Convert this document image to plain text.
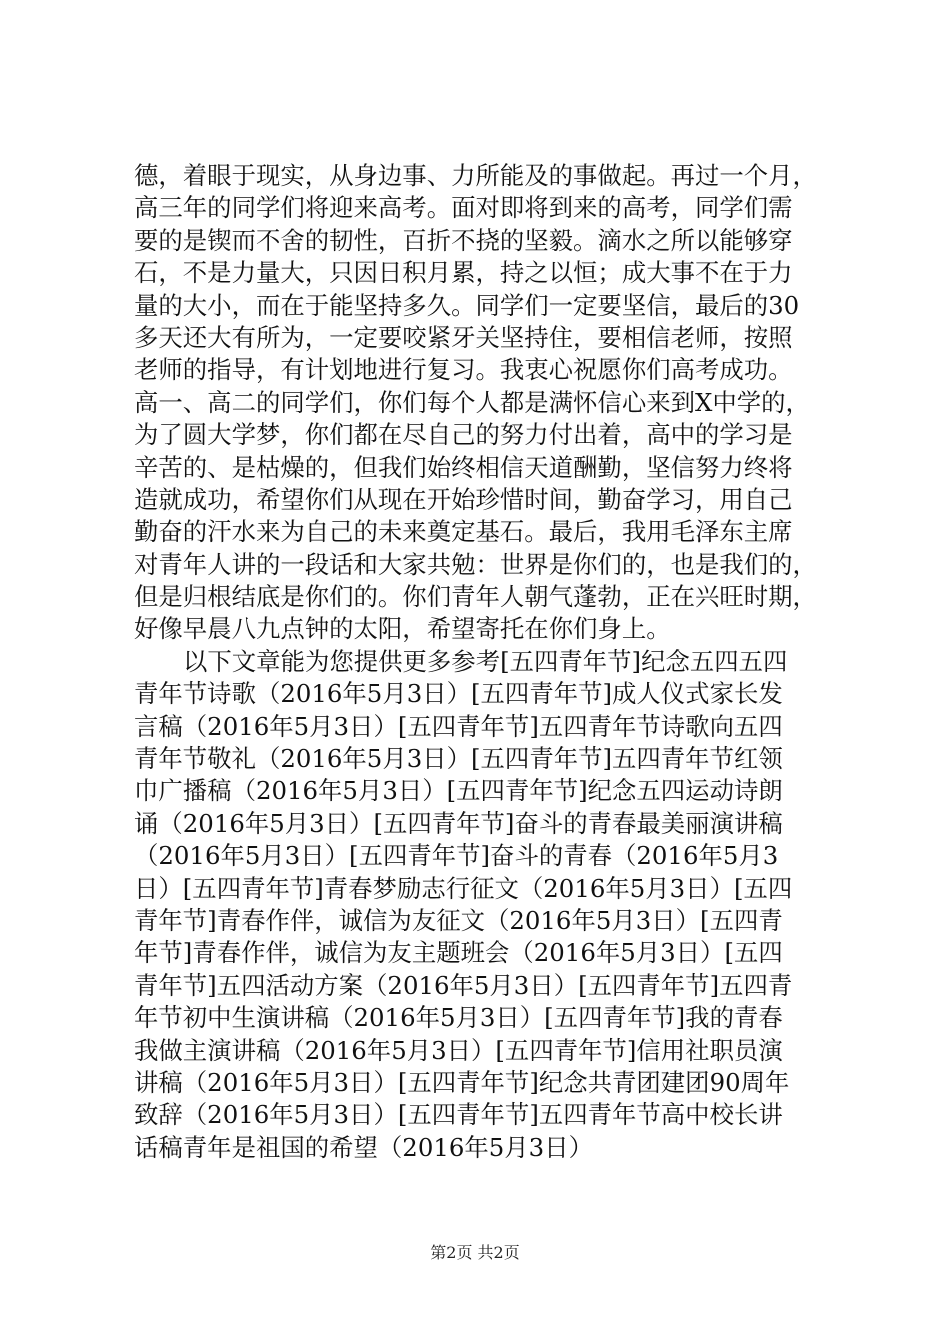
德，着眼于现实，从身边事、力所能及的事做起。再过一个月，
高三年的同学们将迎来高考。面对即将到来的高考，同学们需
要的是锲而不舍的韧性，百折不挠的坚毅。滴水之所以能够穿
石，不是力量大，只因日积月累，持之以恒；成大事不在于力
量的大小，而在于能坚持多久。同学们一定要坚信，最后的30
多天还大有所为，一定要咬紧牙关坚持住，要相信老师，按照
老师的指导，有计划地进行复习。我衷心祝愿你们高考成功。
高一、高二的同学们，你们每个人都是满怀信心来到X中学的，
为了圆大学梦，你们都在尽自己的努力付出着，高中的学习是
辛苦的、是枯燥的，但我们始终相信天道酬勤，坚信努力终将
造就成功，希望你们从现在开始珍惜时间，勤奋学习，用自己
勤奋的汗水来为自己的未来奠定基石。最后，我用毛泽东主席
对青年人讲的一段话和大家共勉：世界是你们的，也是我们的，
但是归根结底是你们的。你们青年人朝气蓬勃，正在兴旺时期，
好像早晨八九点钟的太阳，希望寄托在你们身上。
以下文章能为您提供更多参考[五四青年节]纪念五四五四
青年节诗歌（2016年5月3日）[五四青年节]成人仪式家长发
言稿（2016年5月3日）[五四青年节]五四青年节诗歌向五四
青年节敬礼（2016年5月3日）[五四青年节]五四青年节红领
巾广播稿（2016年5月3日）[五四青年节]纪念五四运动诗朗
诵（2016年5月3日）[五四青年节]奋斗的青春最美丽演讲稿
（2016年5月3日）[五四青年节]奋斗的青春（2016年5月3
日）[五四青年节]青春梦励志行征文（2016年5月3日）[五四
青年节]青春作伴，诚信为友征文（2016年5月3日）[五四青
年节]青春作伴，诚信为友主题班会（2016年5月3日）[五四
青年节]五四活动方案（2016年5月3日）[五四青年节]五四青
年节初中生演讲稿（2016年5月3日）[五四青年节]我的青春
我做主演讲稿（2016年5月3日）[五四青年节]信用社职员演
讲稿（2016年5月3日）[五四青年节]纪念共青团建团90周年
致辞（2016年5月3日）[五四青年节]五四青年节高中校长讲
话稿青年是祖国的希望（2016年5月3日）
第2页 共2页
